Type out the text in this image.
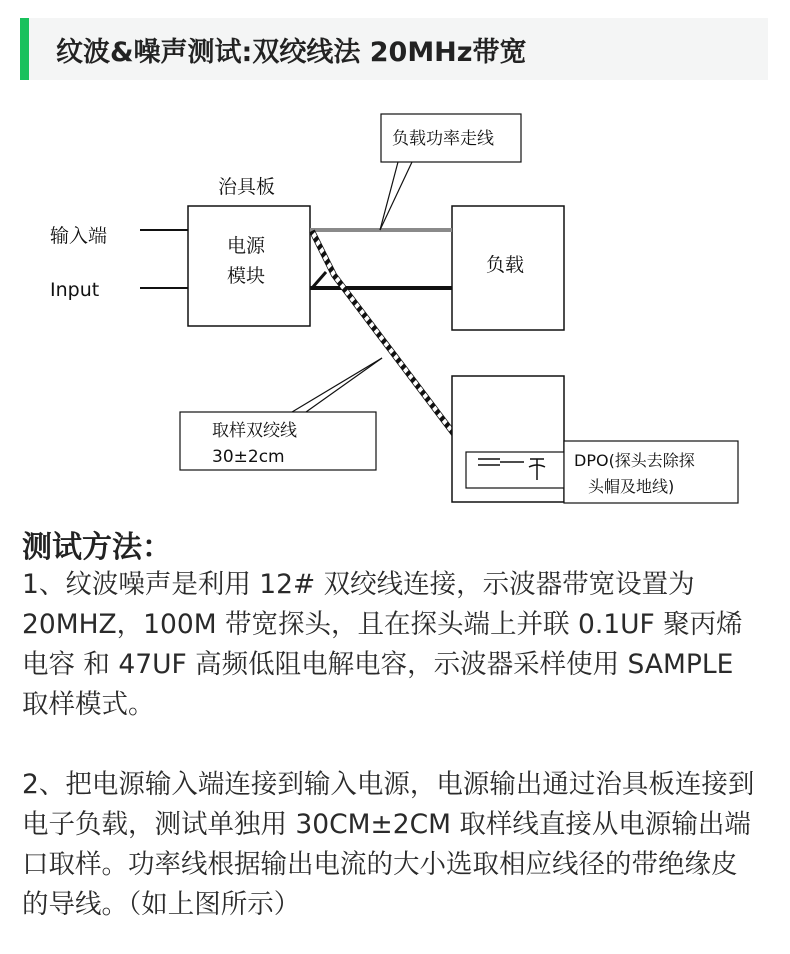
纹波&噪声测试:双绞线法 20MHz带宽
输入端
Input
治具板
电源
模块	负载
负载功率走线
取样双绞线
30±2cm	DPO(探头去除探
头帽及地线)
测试方法：
1、纹波噪声是利用 12# 双绞线连接，示波器带宽设置为 20MHZ，100M 带宽探头，且在探头端上并联 0.1UF 聚丙烯电容 和 47UF 高频低阻电解电容，示波器采样使用 SAMPLE 取样模式。
2、把电源输入端连接到输入电源，电源输出通过治具板连接到电子负载，测试单独用 30CM±2CM 取样线直接从电源输出端口取样。功率线根据输出电流的大小选取相应线径的带绝缘皮的导线。（如上图所示）
